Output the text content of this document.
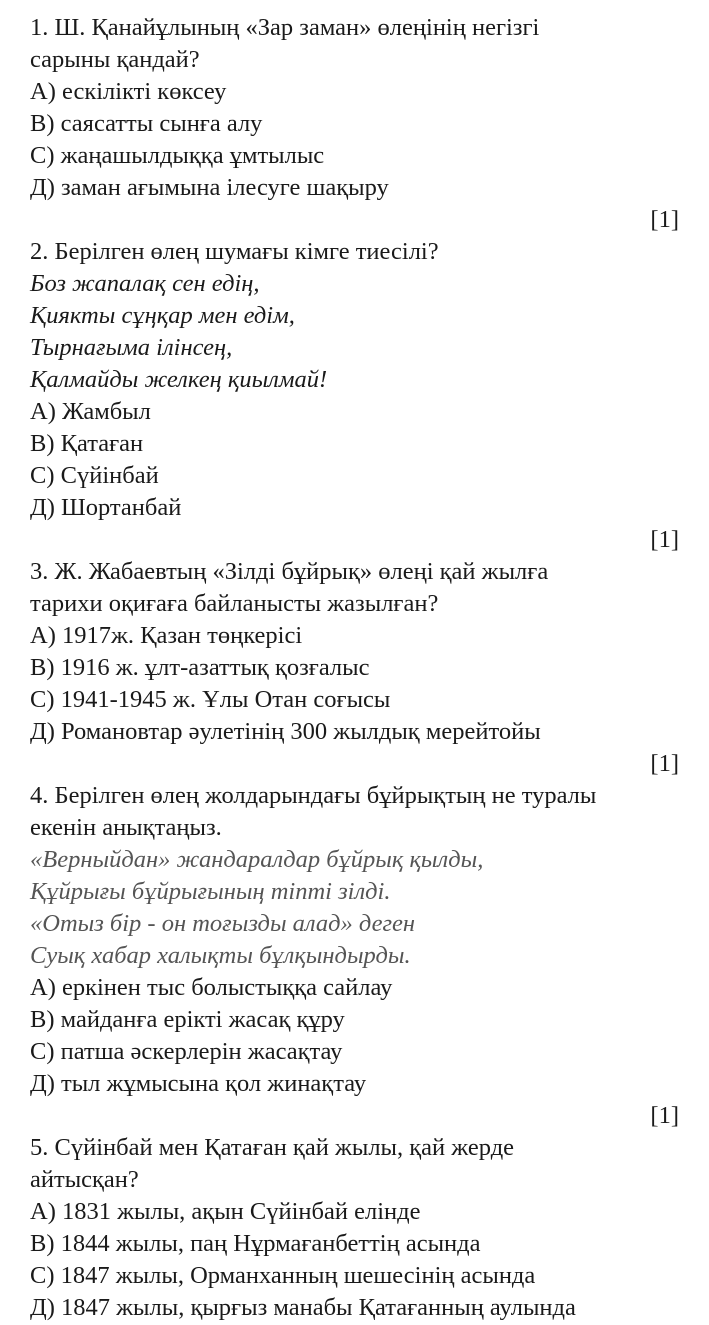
1. Ш. Қанайұлының «Зар заман» өлеңінің негізгі
сарыны қандай?
А) ескілікті көксеу
В) саясатты сынға алу
С) жаңашылдыққа ұмтылыс
Д) заман ағымына ілесуге шақыру
[1]
2. Берілген өлең шумағы кімге тиесілі?
Боз жапалақ сен едің,
Қиякты сұңқар мен едім,
Тырнағыма ілінсең,
Қалмайды желкең қиылмай!
А) Жамбыл
В) Қатаған
С) Сүйінбай
Д) Шортанбай
[1]
3. Ж. Жабаевтың «Зілді бұйрық» өлеңі қай жылға
тарихи оқиғаға байланысты жазылған?
А) 1917ж. Қазан төңкерісі
В) 1916 ж. ұлт-азаттық қозғалыс
С) 1941-1945 ж. Ұлы Отан соғысы
Д) Романовтар әулетінің 300 жылдық мерейтойы
[1]
4. Берілген өлең жолдарындағы бұйрықтың не туралы
екенін анықтаңыз.
«Верныйдан» жандаралдар бұйрық қылды,
Құйрығы бұйрығының тіпті зілді.
«Отыз бір - он тоғызды алад» деген
Суық хабар халықты бұлқындырды.
А) еркінен тыс болыстыққа сайлау
В) майданға ерікті жасақ құру
С) патша әскерлерін жасақтау
Д) тыл жұмысына қол жинақтау
[1]
5. Сүйінбай мен Қатаған қай жылы, қай жерде
айтысқан?
А) 1831 жылы, ақын Сүйінбай елінде
В) 1844 жылы, паң Нұрмағанбеттің асында
С) 1847 жылы, Орманханның шешесінің асында
Д) 1847 жылы, қырғыз манабы Қатағанның аулында
